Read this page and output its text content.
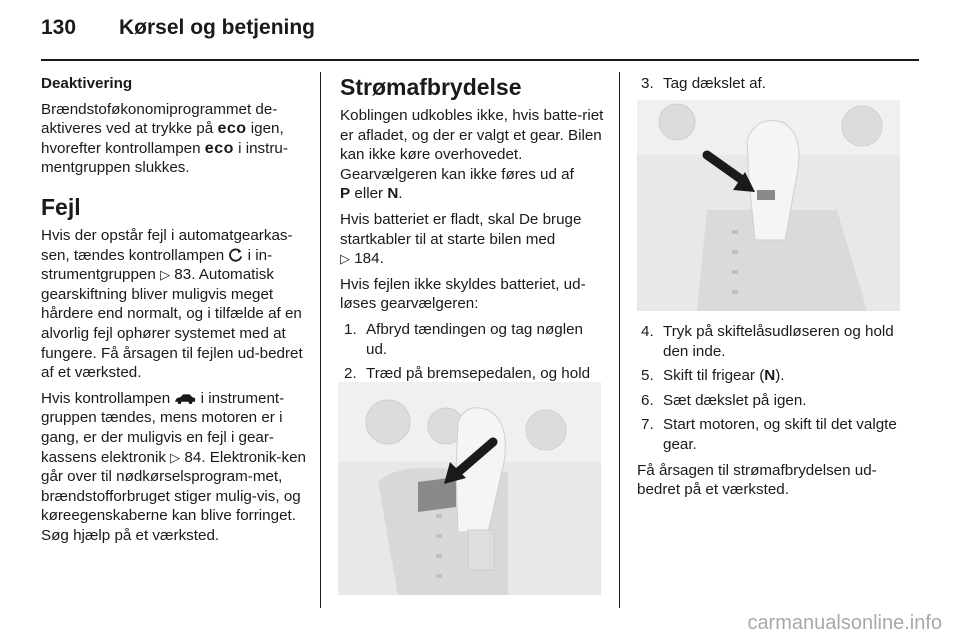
130 Kørsel og betjening

Deaktivering

Brændstoføkonomiprogrammet de-aktiveres ved at trykke på eco igen, hvorefter kontrollampen eco i instru-mentgruppen slukkes.

Fejl

Hvis der opstår fejl i automatgearkas-sen, tændes kontrollampen i in-strumentgruppen ▷ 83. Automatisk gearskiftning bliver muligvis meget hårdere end normalt, og i tilfælde af en alvorlig fejl ophører systemet med at fungere. Få årsagen til fejlen ud-bedret af et værksted.

Hvis kontrollampen i instrument-gruppen tændes, mens motoren er i gang, er der muligvis en fejl i gear-kassens elektronik ▷ 84. Elektronik-ken går over til nødkørselsprogram-met, brændstofforbruget stiger mulig-vis, og køreegenskaberne kan blive forringet. Søg hjælp på et værksted.

Strømafbrydelse

Koblingen udkobles ikke, hvis batte-riet er afladet, og der er valgt et gear. Bilen kan ikke køre overhovedet. Gearvælgeren kan ikke føres ud af
P eller N.

Hvis batteriet er fladt, skal De bruge startkabler til at starte bilen med
▷ 184.

Hvis fejlen ikke skyldes batteriet, ud-løses gearvælgeren:

1. Afbryd tændingen og tag nøglen ud.
2. Træd på bremsepedalen, og hold
3. Tag dækslet af.
4. Tryk på skiftelåsudløseren og hold den inde.
5. Skift til frigear (N).
6. Sæt dækslet på igen.
7. Start motoren, og skift til det valgte gear.

Få årsagen til strømafbrydelsen ud-bedret på et værksted.

carmanualsonline.info
